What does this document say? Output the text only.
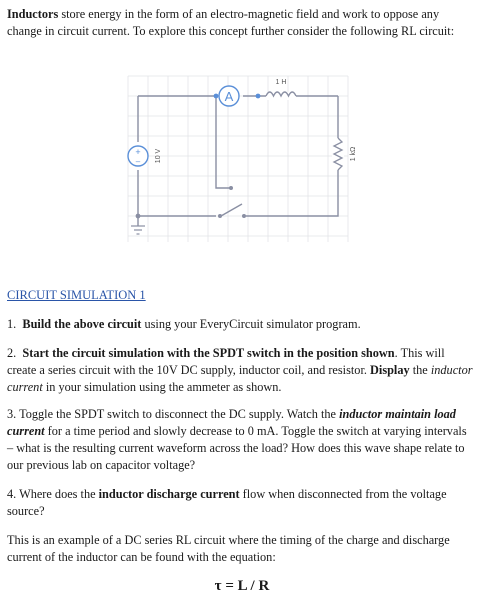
Inductors store energy in the form of an electro-magnetic field and work to oppose any change in circuit current. To explore this concept further consider the following RL circuit:

A
1 H
+
– 10 V	1 kΩ

CIRCUIT SIMULATION 1

1. Build the above circuit using your EveryCircuit simulator program.

2. Start the circuit simulation with the SPDT switch in the position shown. This will create a series circuit with the 10V DC supply, inductor coil, and resistor. Display the inductor current in your simulation using the ammeter as shown.

3. Toggle the SPDT switch to disconnect the DC supply. Watch the inductor maintain load current for a time period and slowly decrease to 0 mA. Toggle the switch at varying intervals – what is the resulting current waveform across the load? How does this wave shape relate to our previous lab on capacitor voltage?

4. Where does the inductor discharge current flow when disconnected from the voltage source?

This is an example of a DC series RL circuit where the timing of the charge and discharge current of the inductor can be found with the equation:

τ = L / R
